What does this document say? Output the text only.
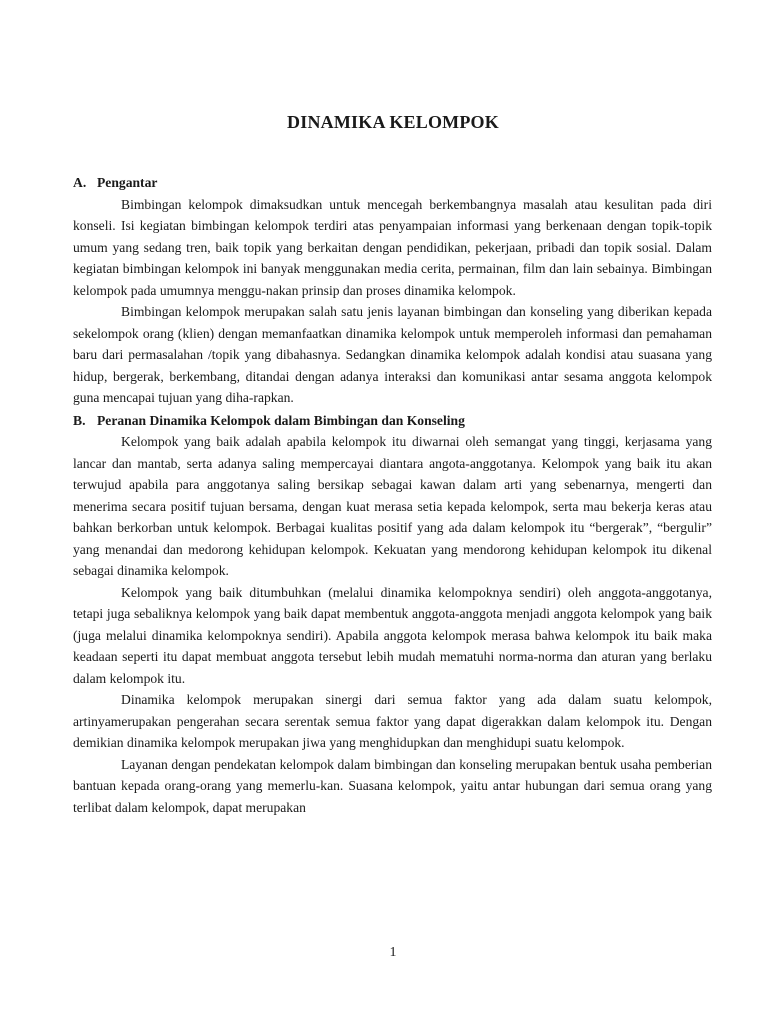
DINAMIKA KELOMPOK
A. Pengantar

Bimbingan kelompok dimaksudkan untuk mencegah berkembangnya masalah atau kesulitan pada diri konseli. Isi kegiatan bimbingan kelompok terdiri atas penyampaian informasi yang berkenaan dengan topik-topik umum yang sedang tren, baik topik yang berkaitan dengan pendidikan, pekerjaan, pribadi dan topik sosial. Dalam kegiatan bimbingan kelompok ini banyak menggunakan media cerita, permainan, film dan lain sebainya. Bimbingan kelompok pada umumnya menggu-nakan prinsip dan proses dinamika kelompok.

Bimbingan kelompok merupakan salah satu jenis layanan bimbingan dan konseling yang diberikan kepada sekelompok orang (klien) dengan memanfaatkan dinamika kelompok untuk memperoleh informasi dan pemahaman baru dari permasalahan /topik yang dibahasnya. Sedangkan dinamika kelompok adalah kondisi atau suasana yang hidup, bergerak, berkembang, ditandai dengan adanya interaksi dan komunikasi antar sesama anggota kelompok guna mencapai tujuan yang diha-rapkan.

B. Peranan Dinamika Kelompok dalam Bimbingan dan Konseling

Kelompok yang baik adalah apabila kelompok itu diwarnai oleh semangat yang tinggi, kerjasama yang lancar dan mantab, serta adanya saling mempercayai diantara angota-anggotanya. Kelompok yang baik itu akan terwujud apabila para anggotanya saling bersikap sebagai kawan dalam arti yang sebenarnya, mengerti dan menerima secara positif tujuan bersama, dengan kuat merasa setia kepada kelompok, serta mau bekerja keras atau bahkan berkorban untuk kelompok. Berbagai kualitas positif yang ada dalam kelompok itu “bergerak”, “bergulir” yang menandai dan medorong kehidupan kelompok. Kekuatan yang mendorong kehidupan kelompok itu dikenal sebagai dinamika kelompok.

Kelompok yang baik ditumbuhkan (melalui dinamika kelompoknya sendiri) oleh anggota-anggotanya, tetapi juga sebaliknya kelompok yang baik dapat membentuk anggota-anggota menjadi anggota kelompok yang baik (juga melalui dinamika kelompoknya sendiri). Apabila anggota kelompok merasa bahwa kelompok itu baik maka keadaan seperti itu dapat membuat anggota tersebut lebih mudah mematuhi norma-norma dan aturan yang berlaku dalam kelompok itu.

Dinamika kelompok merupakan sinergi dari semua faktor yang ada dalam suatu kelompok, artinyamerupakan pengerahan secara serentak semua faktor yang dapat digerakkan dalam kelompok itu. Dengan demikian dinamika kelompok merupakan jiwa yang menghidupkan dan menghidupi suatu kelompok.

Layanan dengan pendekatan kelompok dalam bimbingan dan konseling merupakan bentuk usaha pemberian bantuan kepada orang-orang yang memerlu-kan. Suasana kelompok, yaitu antar hubungan dari semua orang yang terlibat dalam kelompok, dapat merupakan

1
